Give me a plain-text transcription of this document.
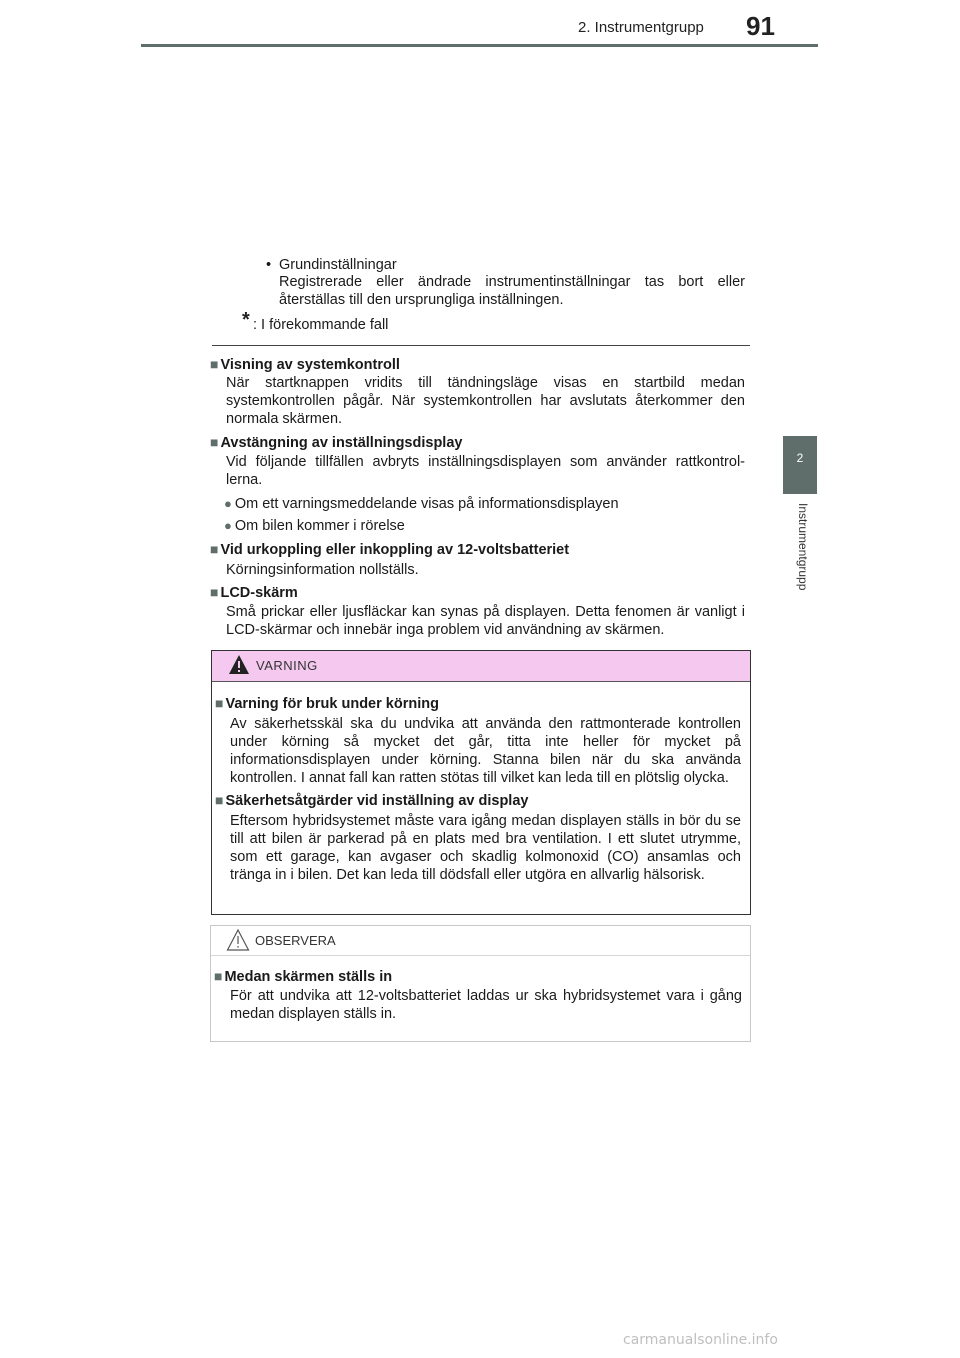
2. Instrumentgrupp 91
2
Instrumentgrupp
• Grundinställningar
Registrerade eller ändrade instrumentinställningar tas bort eller återställas till den ursprungliga inställningen.
* : I förekommande fall
■ Visning av systemkontroll
När startknappen vridits till tändningsläge visas en startbild medan systemkontrollen pågår. När systemkontrollen har avslutats återkommer den normala skärmen.
■ Avstängning av inställningsdisplay
Vid följande tillfällen avbryts inställningsdisplayen som använder rattkontrol-lerna.
● Om ett varningsmeddelande visas på informationsdisplayen
● Om bilen kommer i rörelse
■ Vid urkoppling eller inkoppling av 12-voltsbatteriet
Körningsinformation nollställs.
■ LCD-skärm
Små prickar eller ljusfläckar kan synas på displayen. Detta fenomen är vanligt i LCD-skärmar och innebär inga problem vid användning av skärmen.
VARNING
■ Varning för bruk under körning
Av säkerhetsskäl ska du undvika att använda den rattmonterade kontrollen under körning så mycket det går, titta inte heller för mycket på informationsdisplayen under körning. Stanna bilen när du ska använda kontrollen. I annat fall kan ratten stötas till vilket kan leda till en plötslig olycka.
■ Säkerhetsåtgärder vid inställning av display
Eftersom hybridsystemet måste vara igång medan displayen ställs in bör du se till att bilen är parkerad på en plats med bra ventilation. I ett slutet utrymme, som ett garage, kan avgaser och skadlig kolmonoxid (CO) ansamlas och tränga in i bilen. Det kan leda till dödsfall eller utgöra en allvarlig hälsorisk.
OBSERVERA
■ Medan skärmen ställs in
För att undvika att 12-voltsbatteriet laddas ur ska hybridsystemet vara i gång medan displayen ställs in.
carmanualsonline.info
